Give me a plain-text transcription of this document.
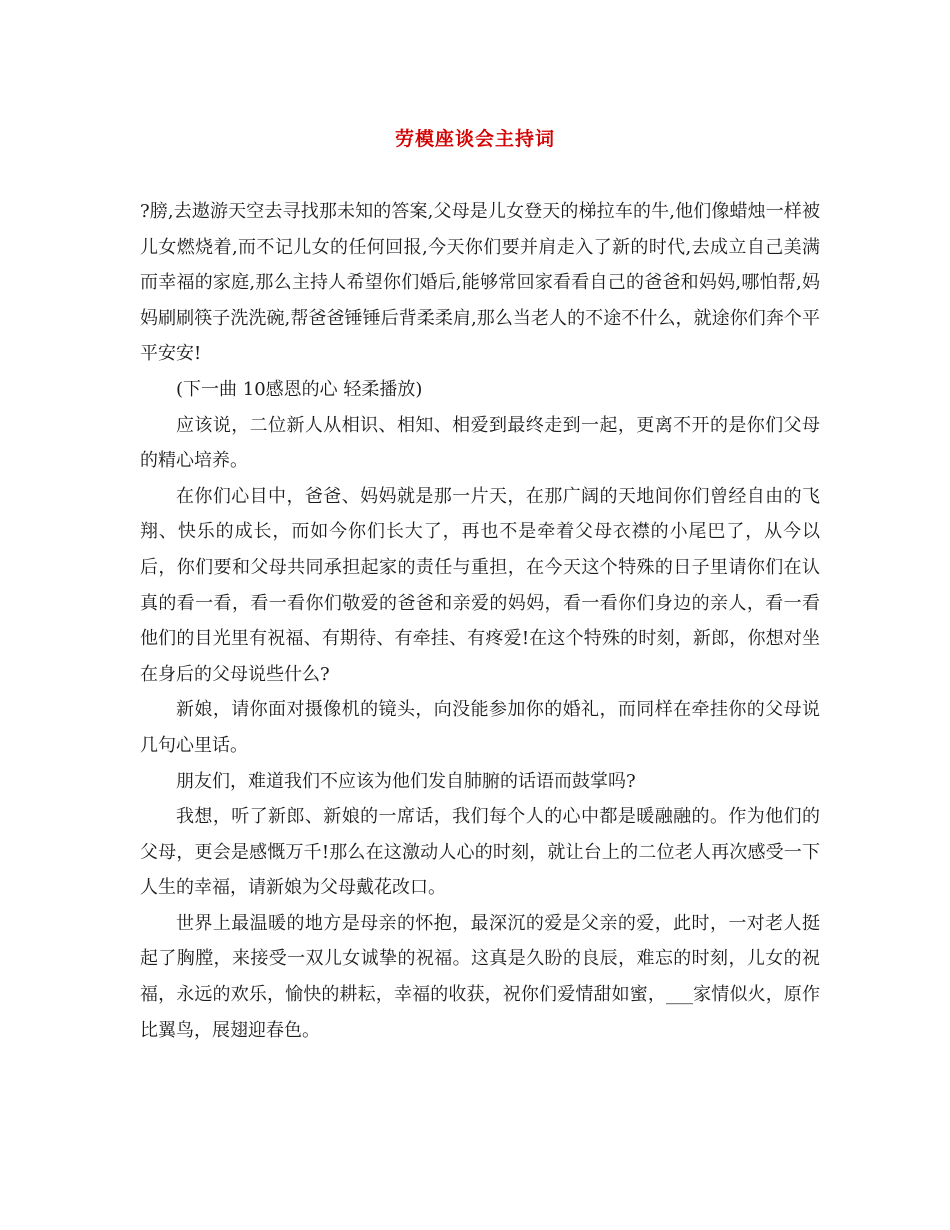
劳模座谈会主持词

?膀,去遨游天空去寻找那未知的答案,父母是儿女登天的梯拉车的牛,他们像蜡烛一样被儿女燃烧着,而不记儿女的任何回报,今天你们要并肩走入了新的时代,去成立自己美满而幸福的家庭,那么主持人希望你们婚后,能够常回家看看自己的爸爸和妈妈,哪怕帮,妈妈刷刷筷子洗洗碗,帮爸爸锤锤后背柔柔肩,那么当老人的不途不什么，就途你们奔个平平安安!

(下一曲 10感恩的心 轻柔播放)

应该说，二位新人从相识、相知、相爱到最终走到一起，更离不开的是你们父母的精心培养。

在你们心目中，爸爸、妈妈就是那一片天，在那广阔的天地间你们曾经自由的飞翔、快乐的成长，而如今你们长大了，再也不是牵着父母衣襟的小尾巴了，从今以后，你们要和父母共同承担起家的责任与重担，在今天这个特殊的日子里请你们在认真的看一看，看一看你们敬爱的爸爸和亲爱的妈妈，看一看你们身边的亲人，看一看他们的目光里有祝福、有期待、有牵挂、有疼爱!在这个特殊的时刻，新郎，你想对坐在身后的父母说些什么?

新娘，请你面对摄像机的镜头，向没能参加你的婚礼，而同样在牵挂你的父母说几句心里话。

朋友们，难道我们不应该为他们发自肺腑的话语而鼓掌吗?

我想，听了新郎、新娘的一席话，我们每个人的心中都是暖融融的。作为他们的父母，更会是感慨万千!那么在这激动人心的时刻，就让台上的二位老人再次感受一下人生的幸福，请新娘为父母戴花改口。

世界上最温暖的地方是母亲的怀抱，最深沉的爱是父亲的爱，此时，一对老人挺起了胸膛，来接受一双儿女诚挚的祝福。这真是久盼的良辰，难忘的时刻，儿女的祝福，永远的欢乐，愉快的耕耘，幸福的收获，祝你们爱情甜如蜜，___家情似火，原作比翼鸟，展翅迎春色。
